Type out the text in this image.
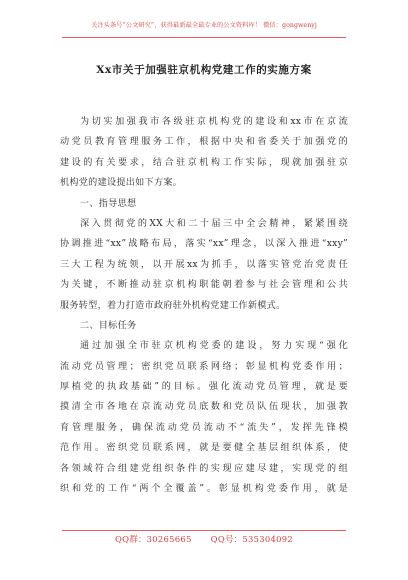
关注头条号“公文研究”，获得最新最全最专业的公文资料库！ 微信：gongwenyj
Xx市关于加强驻京机构党建工作的实施方案
为切实加强我市各级驻京机构党的建设和xx市在京流
动党员教育管理服务工作，根据中央和省委关于加强党的
建设的有关要求，结合驻京机构工作实际，现就加强驻京
机构党的建设提出如下方案。
一、指导思想
深入贯彻党的XX大和二十届三中全会精神，紧紧围绕
协调推进“xx”战略布局，落实“xx”理念，以深入推进“xxy”
三大工程为统领，以开展xx为抓手，以落实管党治党责任
为关键，不断推动驻京机构职能朝着参与社会管理和公共
服务转型，着力打造市政府驻外机构党建工作新模式。
二、目标任务
通过加强全市驻京机构党委的建设，努力实现“强化
流动党员管理；密织党员联系网络；彰显机构党委作用；
厚植党的执政基础”的目标。强化流动党员管理，就是要
摸清全市各地在京流动党员底数和党员队伍现状，加强教
育管理服务，确保流动党员流动不“流失”，发挥先锋模
范作用。密织党员联系网，就是要健全基层组织体系，使
各领域符合组建党组织条件的实现应建尽建，实现党的组
织和党的工作“两个全覆盖”。彰显机构党委作用，就是
QQ群：30265665 QQ号：535304092
